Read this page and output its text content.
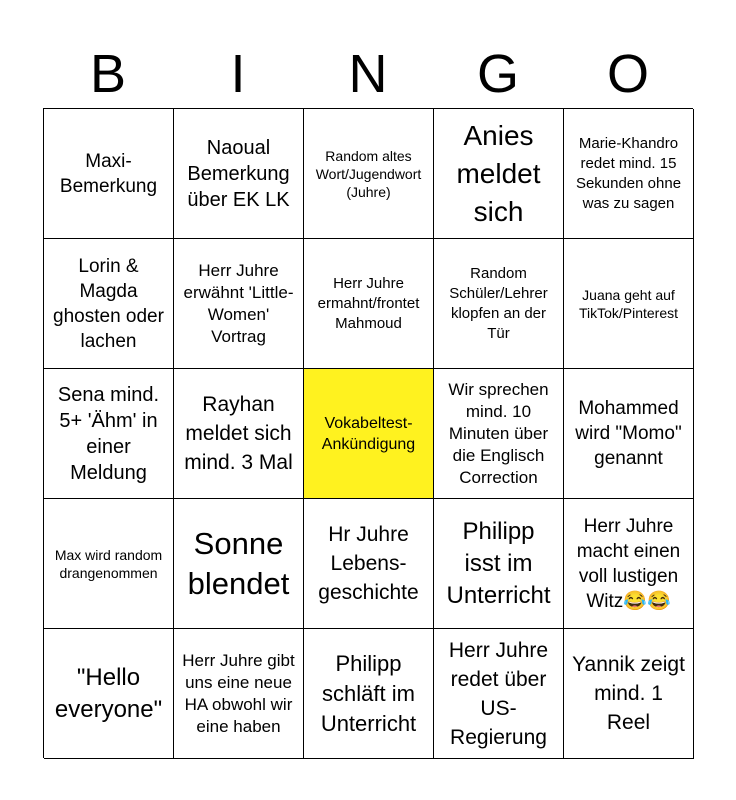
B	I	N	G	O
Maxi-Bemerkung
Naoual Bemerkung über EK LK
Random altes Wort/Jugendwort (Juhre)
Anies meldet sich
Marie-Khandro redet mind. 15 Sekunden ohne was zu sagen
Lorin & Magda ghosten oder lachen
Herr Juhre erwähnt 'Little-Women' Vortrag
Herr Juhre ermahnt/frontet Mahmoud
Random Schüler/Lehrer klopfen an der Tür
Juana geht auf TikTok/Pinterest
Sena mind. 5+ 'Ähm' in einer Meldung
Rayhan meldet sich mind. 3 Mal
Vokabeltest-Ankündigung
Wir sprechen mind. 10 Minuten über die Englisch Correction
Mohammed wird "Momo" genannt
Max wird random drangenommen
Sonne blendet
Hr Juhre Lebens-geschichte
Philipp isst im Unterricht
Herr Juhre macht einen voll lustigen Witz😂😂
"Hello everyone"
Herr Juhre gibt uns eine neue HA obwohl wir eine haben
Philipp schläft im Unterricht
Herr Juhre redet über US-Regierung
Yannik zeigt mind. 1 Reel
